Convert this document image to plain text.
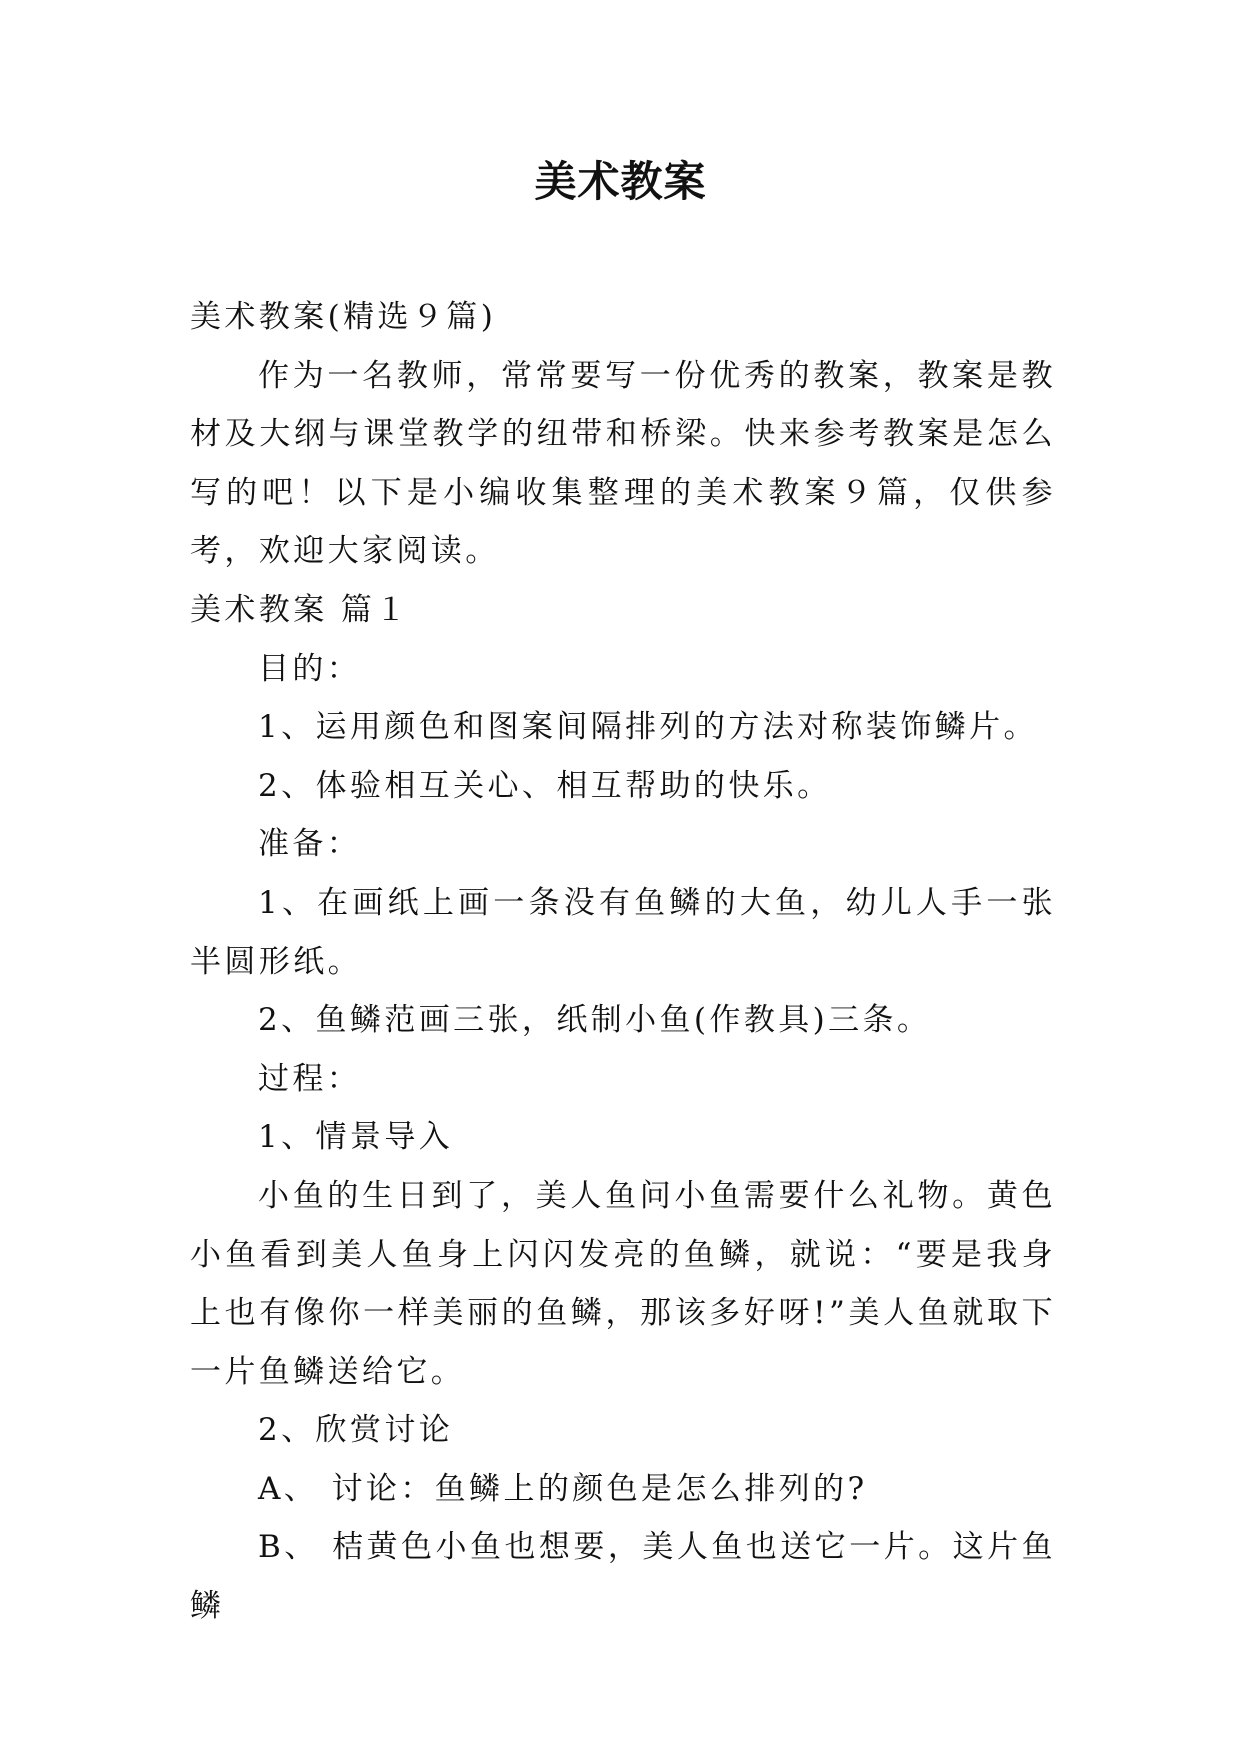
美术教案

美术教案(精选９篇)

作为一名教师，常常要写一份优秀的教案，教案是教材及大纲与课堂教学的纽带和桥梁。快来参考教案是怎么写的吧！以下是小编收集整理的美术教案９篇，仅供参考，欢迎大家阅读。

美术教案 篇１

目的：

1、运用颜色和图案间隔排列的方法对称装饰鳞片。

2、体验相互关心、相互帮助的快乐。

准备：

1、在画纸上画一条没有鱼鳞的大鱼，幼儿人手一张半圆形纸。

2、鱼鳞范画三张，纸制小鱼(作教具)三条。

过程：

1、情景导入

小鱼的生日到了，美人鱼问小鱼需要什么礼物。黄色小鱼看到美人鱼身上闪闪发亮的鱼鳞，就说：“要是我身上也有像你一样美丽的鱼鳞，那该多好呀!”美人鱼就取下一片鱼鳞送给它。

2、欣赏讨论

A、 讨论：鱼鳞上的颜色是怎么排列的?

B、 桔黄色小鱼也想要，美人鱼也送它一片。这片鱼鳞
